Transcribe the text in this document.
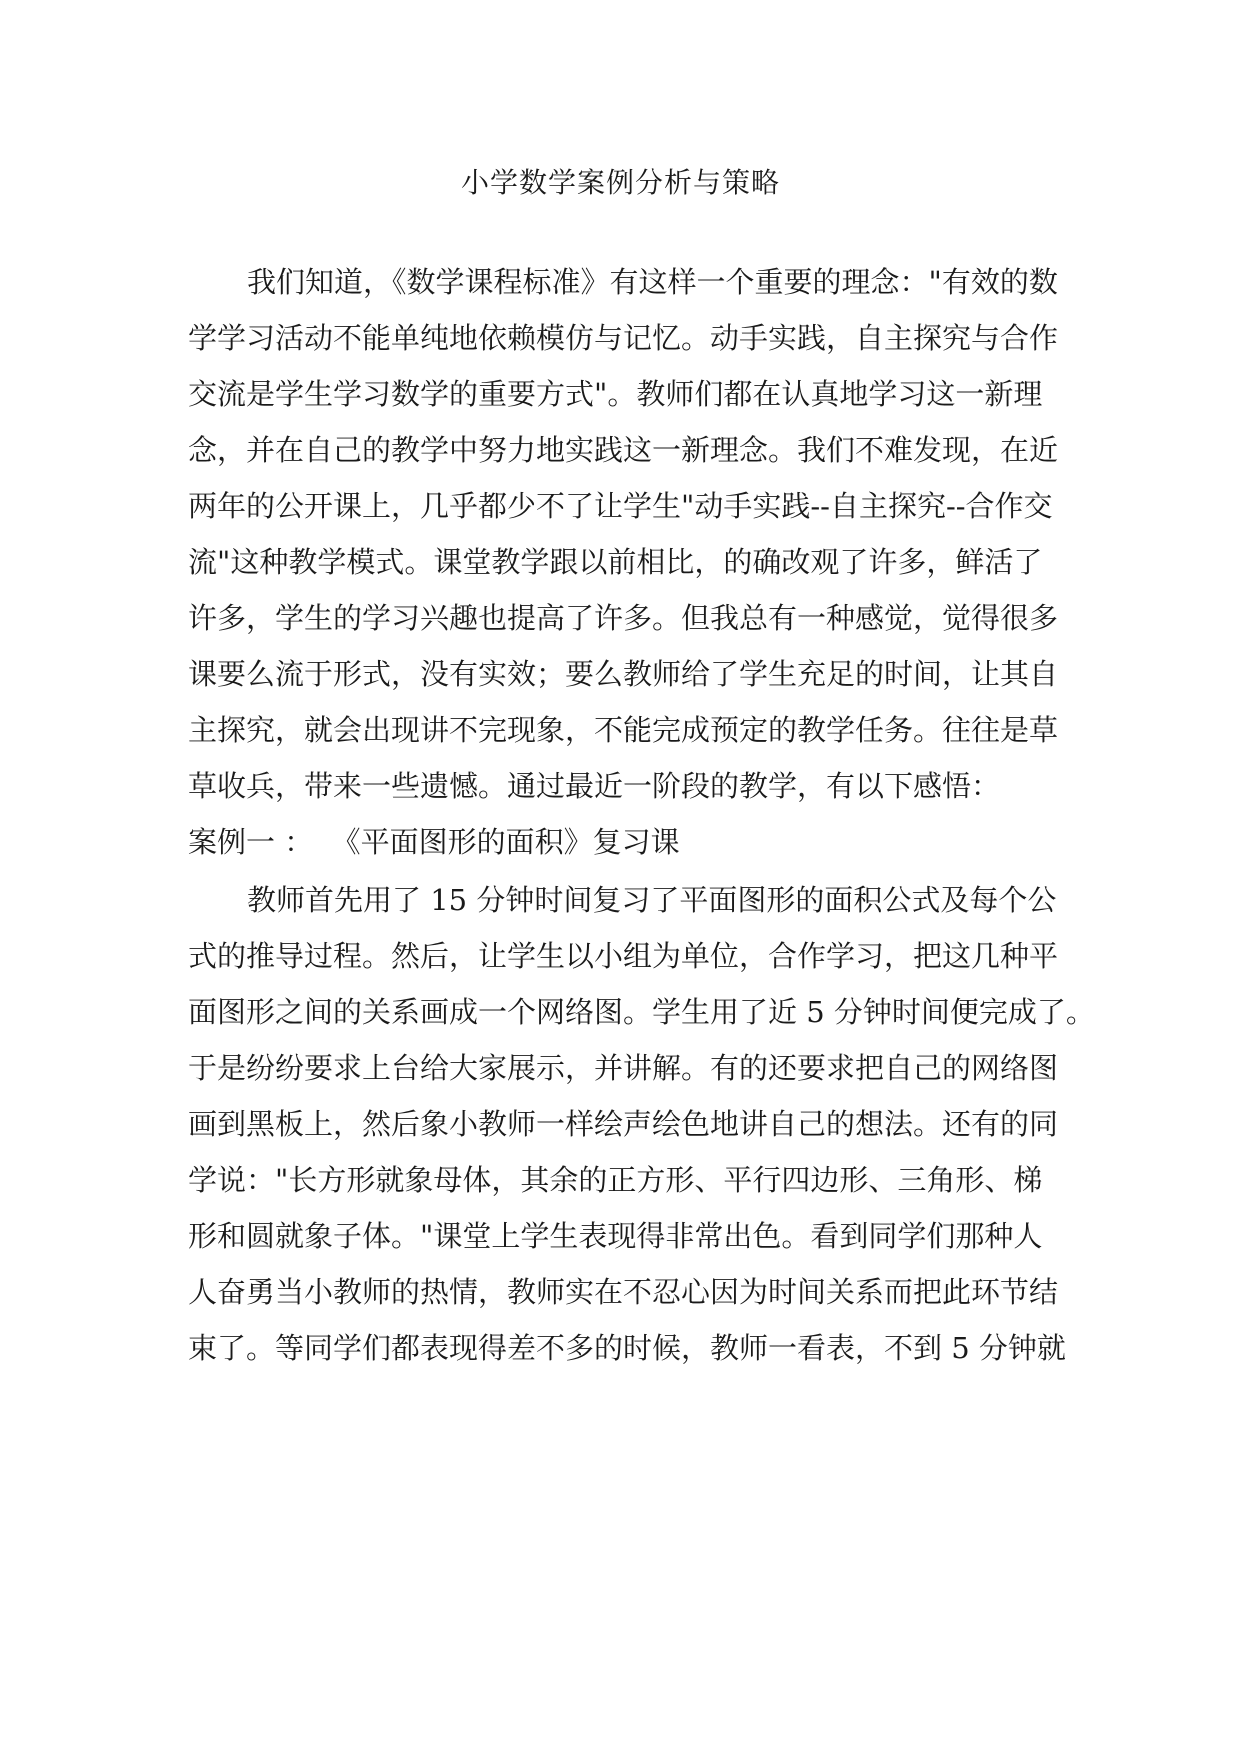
小学数学案例分析与策略
我们知道，《数学课程标准》有这样一个重要的理念："有效的数
学学习活动不能单纯地依赖模仿与记忆。动手实践，自主探究与合作
交流是学生学习数学的重要方式"。教师们都在认真地学习这一新理
念，并在自己的教学中努力地实践这一新理念。我们不难发现，在近
两年的公开课上，几乎都少不了让学生"动手实践--自主探究--合作交
流"这种教学模式。课堂教学跟以前相比，的确改观了许多，鲜活了
许多，学生的学习兴趣也提高了许多。但我总有一种感觉，觉得很多
课要么流于形式，没有实效；要么教师给了学生充足的时间，让其自
主探究，就会出现讲不完现象，不能完成预定的教学任务。往往是草
草收兵，带来一些遗憾。通过最近一阶段的教学，有以下感悟：
案例一 ：  《平面图形的面积》复习课
教师首先用了 15 分钟时间复习了平面图形的面积公式及每个公
式的推导过程。然后，让学生以小组为单位，合作学习，把这几种平
面图形之间的关系画成一个网络图。学生用了近 5 分钟时间便完成了。
于是纷纷要求上台给大家展示，并讲解。有的还要求把自己的网络图
画到黑板上，然后象小教师一样绘声绘色地讲自己的想法。还有的同
学说："长方形就象母体，其余的正方形、平行四边形、三角形、梯
形和圆就象子体。"课堂上学生表现得非常出色。看到同学们那种人
人奋勇当小教师的热情，教师实在不忍心因为时间关系而把此环节结
束了。等同学们都表现得差不多的时候，教师一看表，不到 5 分钟就
